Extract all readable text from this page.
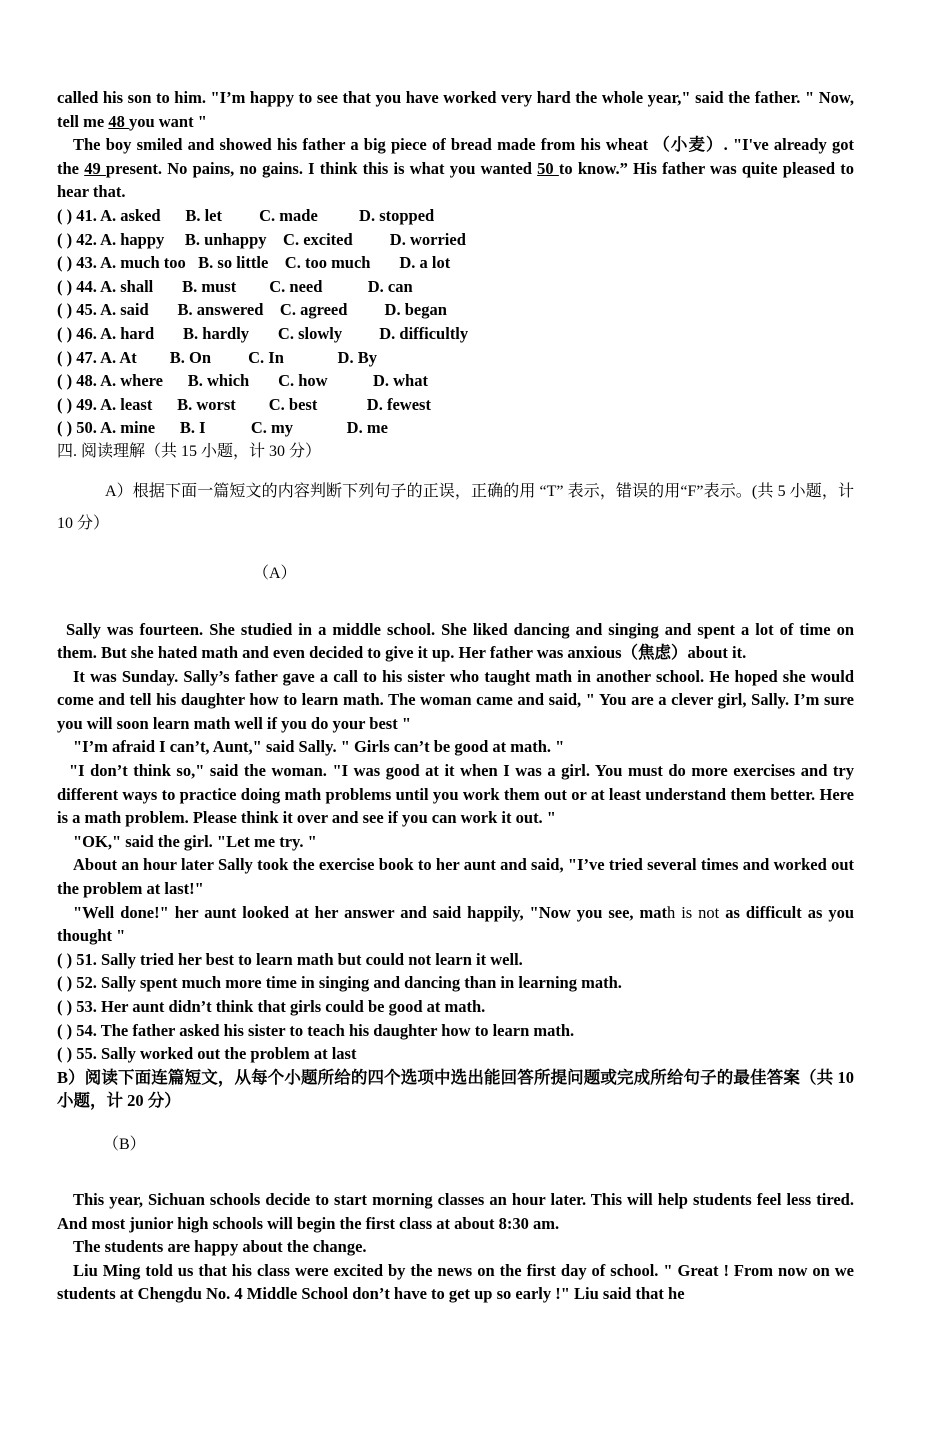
called his son to him. "I’m happy to see that you have worked very hard the whole year," said the father. " Now, tell me 48 you want "
The boy smiled and showed his father a big piece of bread made from his wheat （小麦）. "I've already got the 49 present. No pains, no gains. I think this is what you wanted 50 to know.” His father was quite pleased to hear that.
( ) 41. A. asked      B. let         C. made          D. stopped
( ) 42. A. happy     B. unhappy    C. excited         D. worried
( ) 43. A. much too   B. so little    C. too much       D. a lot
( ) 44. A. shall       B. must        C. need           D. can
( ) 45. A. said       B. answered    C. agreed         D. began
( ) 46. A. hard       B. hardly       C. slowly         D. difficultly
( ) 47. A. At        B. On         C. In             D. By
( ) 48. A. where      B. which       C. how           D. what
( ) 49. A. least      B. worst        C. best            D. fewest
( ) 50. A. mine      B. I           C. my             D. me
四. 阅读理解（共 15 小题，计 30 分）
A）根据下面一篇短文的内容判断下列句子的正误，正确的用 “T” 表示，错误的用“F”表示。(共 5 小题，计 10 分）
（A）
Sally was fourteen. She studied in a middle school. She liked dancing and singing and spent a lot of time on them. But she hated math and even decided to give it up. Her father was anxious（焦虑）about it.
It was Sunday. Sally’s father gave a call to his sister who taught math in another school. He hoped she would come and tell his daughter how to learn math. The woman came and said, " You are a clever girl, Sally. I’m sure you will soon learn math well if you do your best "
"I’m afraid I can’t, Aunt," said Sally. " Girls can’t be good at math. "
"I don’t think so," said the woman. "I was good at it when I was a girl. You must do more exercises and try different ways to practice doing math problems until you work them out or at least understand them better. Here is a math problem. Please think it over and see if you can work it out. "
"OK," said the girl. "Let me try. "
About an hour later Sally took the exercise book to her aunt and said, "I’ve tried several times and worked out the problem at last!"
"Well done!" her aunt looked at her answer and said happily, "Now you see, math is not as difficult as you thought "
( ) 51. Sally tried her best to learn math but could not learn it well.
( ) 52. Sally spent much more time in singing and dancing than in learning math.
( ) 53. Her aunt didn’t think that girls could be good at math.
( ) 54. The father asked his sister to teach his daughter how to learn math.
( ) 55. Sally worked out the problem at last
B）阅读下面连篇短文，从每个小题所给的四个选项中选出能回答所提问题或完成所给句子的最佳答案（共 10 小题，计 20 分）
（B）
This year, Sichuan schools decide to start morning classes an hour later. This will help students feel less tired. And most junior high schools will begin the first class at about 8:30 am.
The students are happy about the change.
Liu Ming told us that his class were excited by the news on the first day of school. " Great ! From now on we students at Chengdu No. 4 Middle School don’t have to get up so early !" Liu said that he
